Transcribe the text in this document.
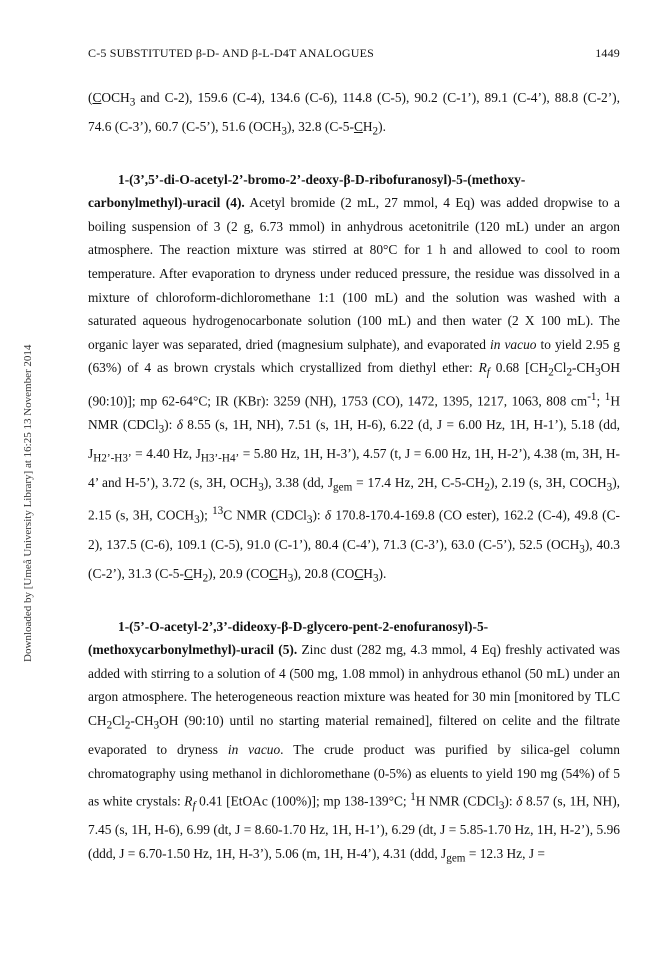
C-5 SUBSTITUTED β-D- AND β-L-D4T ANALOGUES	1449
Downloaded by [Umeå University Library] at 16:25 13 November 2014

($COCH_3$ and C-2), 159.6 (C-4), 134.6 (C-6), 114.8 (C-5), 90.2 (C-1’), 89.1 (C-4’), 88.8 (C-2’), 74.6 (C-3’), 60.7 (C-5’), 51.6 $(OCH_3)$, 32.8 $(C-5-CH_2)$.

1-(3’,5’-di-O-acetyl-2’-bromo-2’-deoxy-β-D-ribofuranosyl)-5-(methoxy-carbonylmethyl)-uracil (4). Acetyl bromide (2 mL, 27 mmol, 4 Eq) was added dropwise to a boiling suspension of 3 (2 g, 6.73 mmol) in anhydrous acetonitrile (120 mL) under an argon atmosphere. The reaction mixture was stirred at 80°C for 1 h and allowed to cool to room temperature. After evaporation to dryness under reduced pressure, the residue was dissolved in a mixture of chloroform-dichloromethane 1:1 (100 mL) and the solution was washed with a saturated aqueous hydrogenocarbonate solution (100 mL) and then water (2 X 100 mL). The organic layer was separated, dried (magnesium sulphate), and evaporated in vacuo to yield 2.95 g (63%) of 4 as brown crystals which crystallized from diethyl ether: $R_f$ 0.68 [$CH_2Cl_2-CH_3OH$ (90:10)]; mp 62-64°C; IR (KBr): 3259 (NH), 1753 (CO), 1472, 1395, 1217, 1063, 808 $cm^{-1}$; $^1$H NMR (CDCl$_3$): δ 8.55 (s, 1H, NH), 7.51 (s, 1H, H-6), 6.22 (d, J = 6.00 Hz, 1H, H-1’), 5.18 (dd, $J_{H2’-H3’} = 4.40$ Hz, $J_{H3’-H4’} = 5.80$ Hz, 1H, H-3’), 4.57 (t, J = 6.00 Hz, 1H, H-2’), 4.38 (m, 3H, H-4’ and H-5’), 3.72 (s, 3H, $OCH_3$), 3.38 (dd, $J_{gem} = 17.4$ Hz, 2H, $C-5-CH_2$), 2.19 (s, 3H, $COCH_3$), 2.15 (s, 3H, $COCH_3$); $^{13}$C NMR (CDCl$_3$): δ 170.8-170.4-169.8 (CO ester), 162.2 (C-4), 49.8 (C-2), 137.5 (C-6), 109.1 (C-5), 91.0 (C-1’), 80.4 (C-4’), 71.3 (C-3’), 63.0 (C-5’), 52.5 $(OCH_3)$, 40.3 (C-2’), 31.3 $(C-5-CH_2)$, 20.9 $(COCH_3)$, 20.8 $(COCH_3)$.

1-(5’-O-acetyl-2’,3’-dideoxy-β-D-glycero-pent-2-enofuranosyl)-5-(methoxycarbonylmethyl)-uracil (5). Zinc dust (282 mg, 4.3 mmol, 4 Eq) freshly activated was added with stirring to a solution of 4 (500 mg, 1.08 mmol) in anhydrous ethanol (50 mL) under an argon atmosphere. The heterogeneous reaction mixture was heated for 30 min [monitored by TLC $CH_2Cl_2-CH_3OH$ (90:10) until no starting material remained], filtered on celite and the filtrate evaporated to dryness in vacuo. The crude product was purified by silica-gel column chromatography using methanol in dichloromethane (0-5%) as eluents to yield 190 mg (54%) of 5 as white crystals: $R_f$ 0.41 [EtOAc (100%)]; mp 138-139°C; $^1$H NMR (CDCl$_3$): δ 8.57 (s, 1H, NH), 7.45 (s, 1H, H-6), 6.99 (dt, J = 8.60-1.70 Hz, 1H, H-1’), 6.29 (dt, J = 5.85-1.70 Hz, 1H, H-2’), 5.96 (ddd, J = 6.70-1.50 Hz, 1H, H-3’), 5.06 (m, 1H, H-4’), 4.31 (ddd, $J_{gem} = 12.3$ Hz, J =
